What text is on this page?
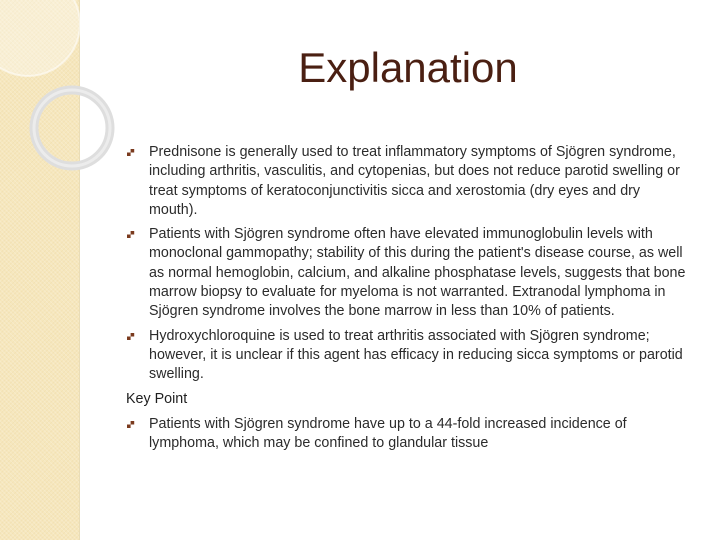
Explanation
🙾 Prednisone is generally used to treat inflammatory symptoms of Sjögren syndrome, including arthritis, vasculitis, and cytopenias, but does not reduce parotid swelling or treat symptoms of keratoconjunctivitis sicca and xerostomia (dry eyes and dry mouth).
🙾 Patients with Sjögren syndrome often have elevated immunoglobulin levels with monoclonal gammopathy; stability of this during the patient's disease course, as well as normal hemoglobin, calcium, and alkaline phosphatase levels, suggests that bone marrow biopsy to evaluate for myeloma is not warranted. Extranodal lymphoma in Sjögren syndrome involves the bone marrow in less than 10% of patients.
🙾 Hydroxychloroquine is used to treat arthritis associated with Sjögren syndrome; however, it is unclear if this agent has efficacy in reducing sicca symptoms or parotid swelling.

Key Point

🙾 Patients with Sjögren syndrome have up to a 44-fold increased incidence of lymphoma, which may be confined to glandular tissue
